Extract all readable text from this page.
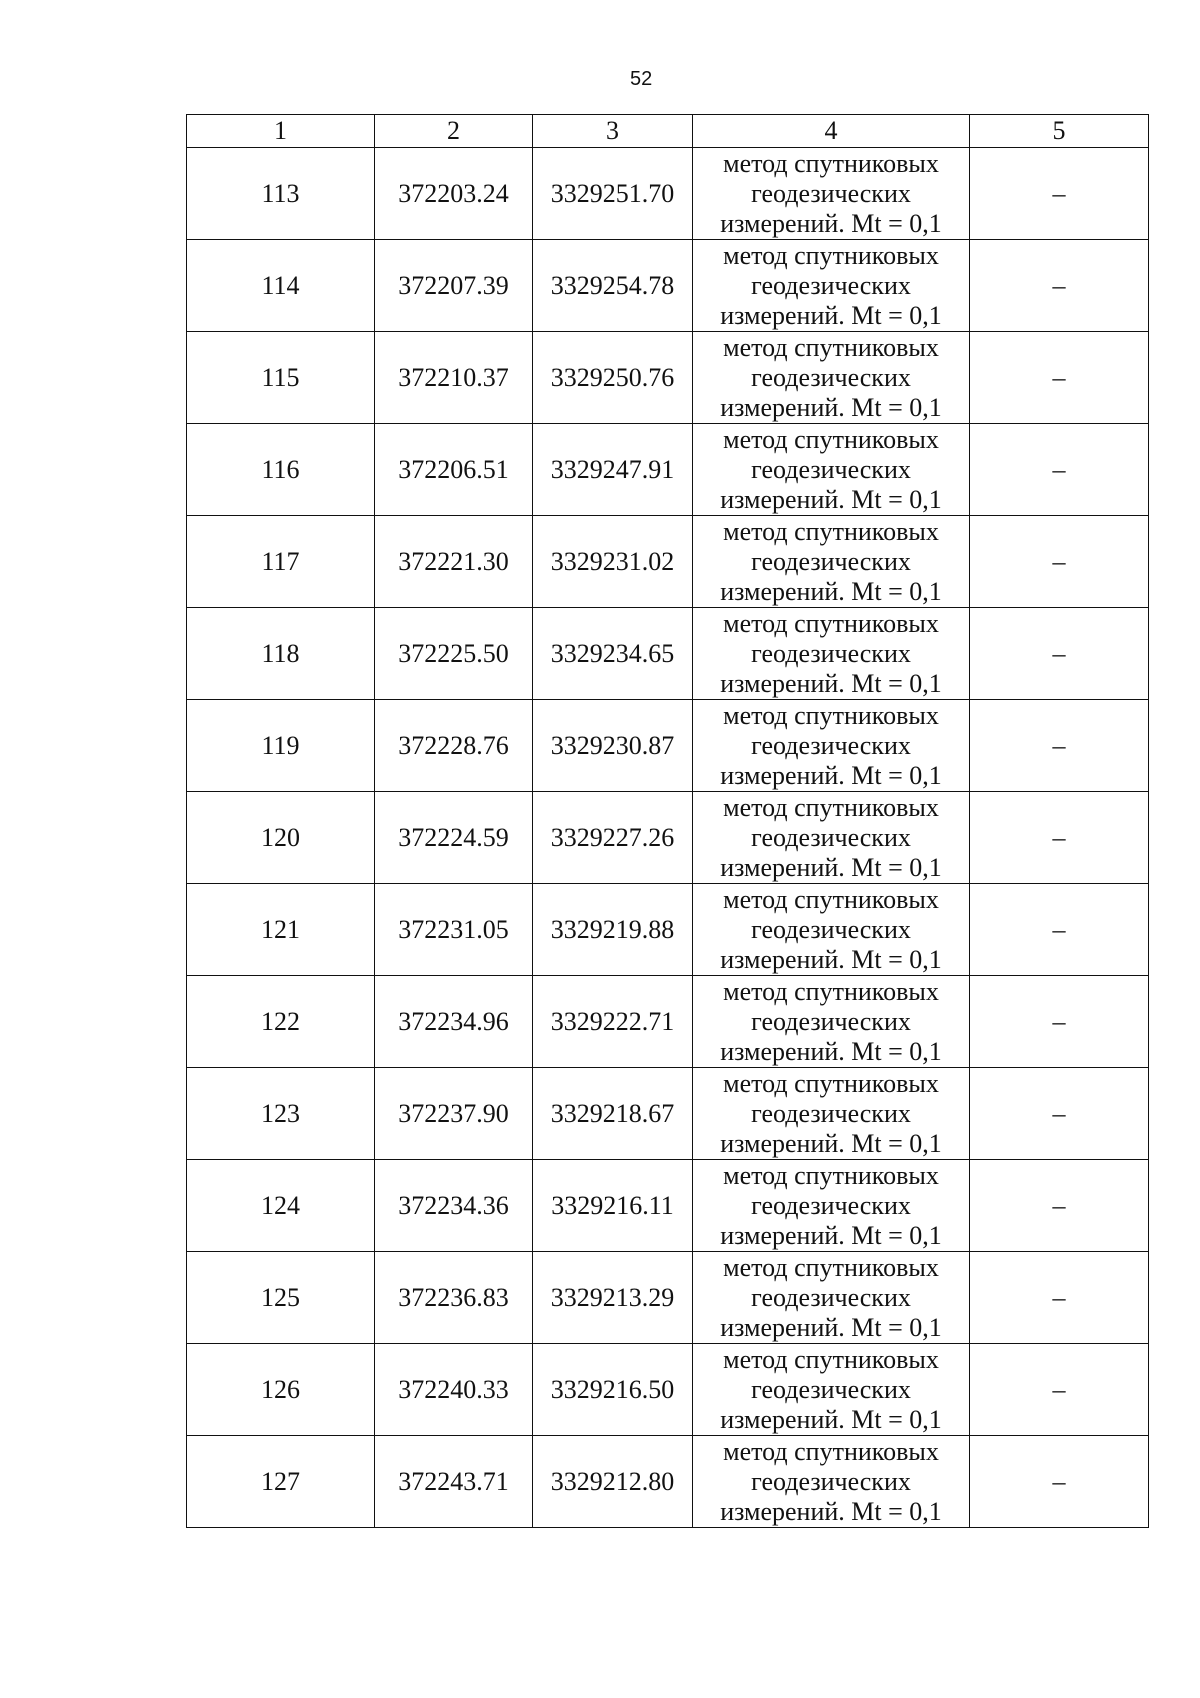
52
1	2	3	4	5
113	372203.24	3329251.70	метод спутниковых
геодезических
измерений. Mt = 0,1	–
114	372207.39	3329254.78	метод спутниковых
геодезических
измерений. Mt = 0,1	–
115	372210.37	3329250.76	метод спутниковых
геодезических
измерений. Mt = 0,1	–
116	372206.51	3329247.91	метод спутниковых
геодезических
измерений. Mt = 0,1	–
117	372221.30	3329231.02	метод спутниковых
геодезических
измерений. Mt = 0,1	–
118	372225.50	3329234.65	метод спутниковых
геодезических
измерений. Mt = 0,1	–
119	372228.76	3329230.87	метод спутниковых
геодезических
измерений. Mt = 0,1	–
120	372224.59	3329227.26	метод спутниковых
геодезических
измерений. Mt = 0,1	–
121	372231.05	3329219.88	метод спутниковых
геодезических
измерений. Mt = 0,1	–
122	372234.96	3329222.71	метод спутниковых
геодезических
измерений. Mt = 0,1	–
123	372237.90	3329218.67	метод спутниковых
геодезических
измерений. Mt = 0,1	–
124	372234.36	3329216.11	метод спутниковых
геодезических
измерений. Mt = 0,1	–
125	372236.83	3329213.29	метод спутниковых
геодезических
измерений. Mt = 0,1	–
126	372240.33	3329216.50	метод спутниковых
геодезических
измерений. Mt = 0,1	–
127	372243.71	3329212.80	метод спутниковых
геодезических
измерений. Mt = 0,1	–
